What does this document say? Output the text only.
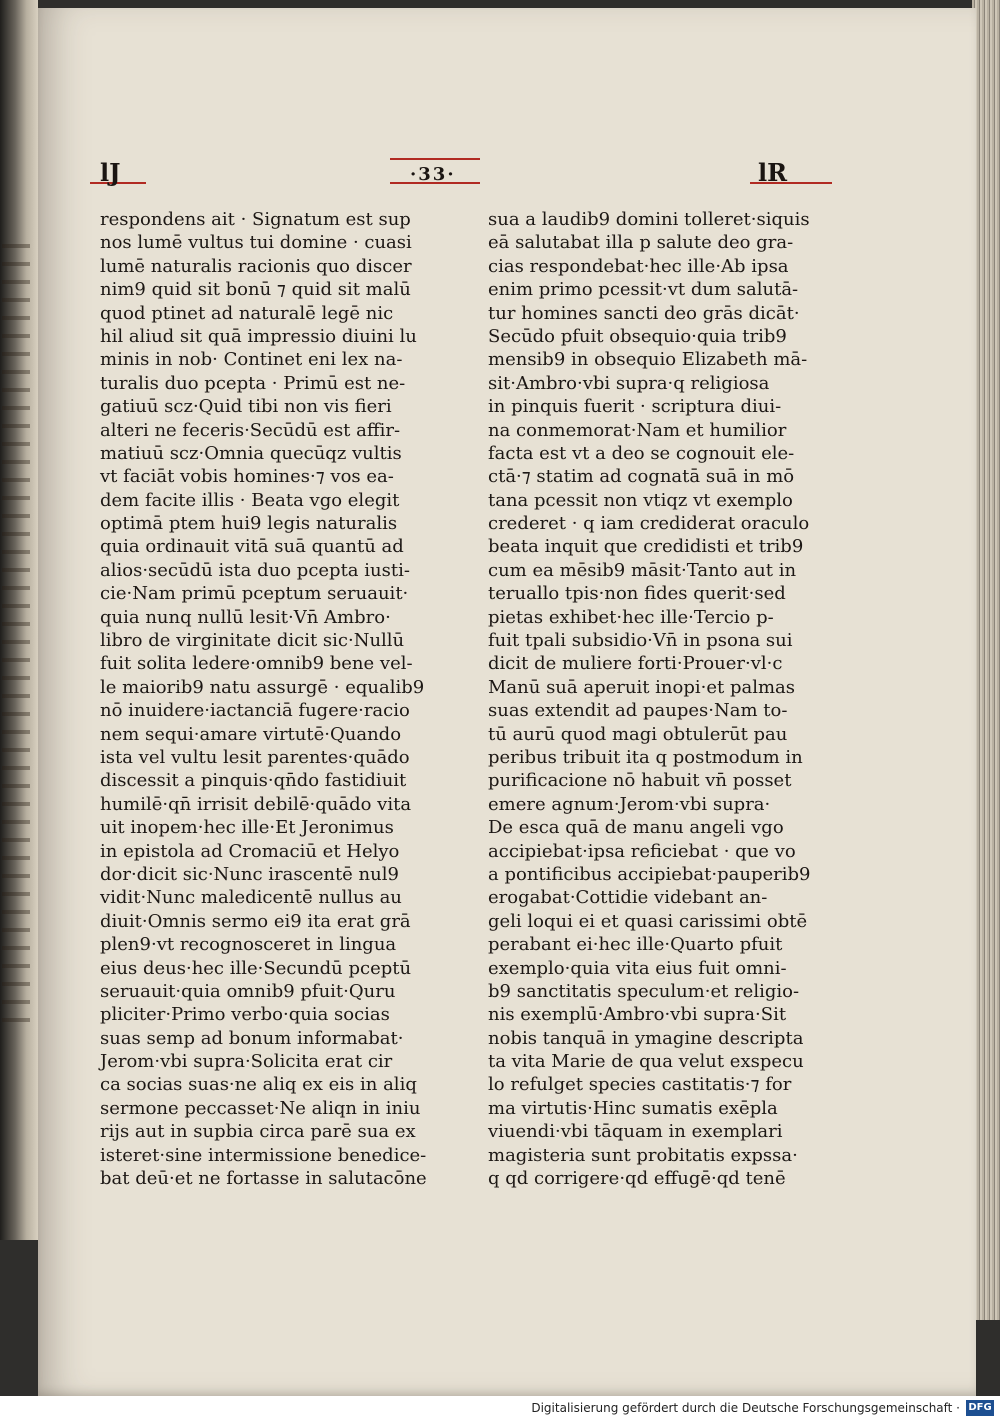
lJ	·33·	lR
respondens ait · Signatum est sup
nos lumē vultus tui domine · cuasi
lumē naturalis racionis quo discer
nim9 quid sit bonū ⁊ quid sit malū
quod ptinet ad naturalē legē nic
hil aliud sit quā impressio diuini lu
minis in nob· Continet eni lex na-
turalis duo pcepta · Primū est ne-
gatiuū scz·Quid tibi non vis fieri
alteri ne feceris·Secūdū est affir-
matiuū scz·Omnia quecūqz vultis
vt faciāt vobis homines·⁊ vos ea-
dem facite illis · Beata vgo elegit
optimā ptem hui9 legis naturalis
quia ordinauit vitā suā quantū ad
alios·secūdū ista duo pcepta iusti-
cie·Nam primū pceptum seruauit·
quia nunq nullū lesit·Vn̄ Ambro·
libro de virginitate dicit sic·Nullū
fuit solita ledere·omnib9 bene vel-
le maiorib9 natu assurgē · equalib9
nō inuidere·iactanciā fugere·racio
nem sequi·amare virtutē·Quando
ista vel vultu lesit parentes·quādo
discessit a pinquis·qn̄do fastidiuit
humilē·qn̄ irrisit debilē·quādo vita
uit inopem·hec ille·Et Jeronimus
in epistola ad Cromaciū et Helyo
dor·dicit sic·Nunc irascentē nul9
vidit·Nunc maledicentē nullus au
diuit·Omnis sermo ei9 ita erat grā
plen9·vt recognosceret in lingua
eius deus·hec ille·Secundū pceptū
seruauit·quia omnib9 pfuit·Quru
pliciter·Primo verbo·quia socias
suas semp ad bonum informabat·
Jerom·vbi supra·Solicita erat cir
ca socias suas·ne aliq ex eis in aliq
sermone peccasset·Ne aliqn in iniu
rijs aut in supbia circa parē sua ex
isteret·sine intermissione benedice-
bat deū·et ne fortasse in salutacōne
sua a laudib9 domini tolleret·siquis
eā salutabat illa p salute deo gra-
cias respondebat·hec ille·Ab ipsa
enim primo pcessit·vt dum salutā-
tur homines sancti deo grās dicāt·
Secūdo pfuit obsequio·quia trib9
mensib9 in obsequio Elizabeth mā-
sit·Ambro·vbi supra·q religiosa
in pinquis fuerit · scriptura diui-
na conmemorat·Nam et humilior
facta est vt a deo se cognouit ele-
ctā·⁊ statim ad cognatā suā in mō
tana pcessit non vtiqz vt exemplo
crederet · q iam crediderat oraculo
beata inquit que credidisti et trib9
cum ea mēsib9 māsit·Tanto aut in
teruallo tpis·non fides querit·sed
pietas exhibet·hec ille·Tercio p-
fuit tpali subsidio·Vn̄ in psona sui
dicit de muliere forti·Prouer·vl·c
Manū suā aperuit inopi·et palmas
suas extendit ad paupes·Nam to-
tū aurū quod magi obtulerūt pau
peribus tribuit ita q postmodum in
purificacione nō habuit vn̄ posset
emere agnum·Jerom·vbi supra·
De esca quā de manu angeli vgo
accipiebat·ipsa reficiebat · que vo
a pontificibus accipiebat·pauperib9
erogabat·Cottidie videbant an-
geli loqui ei et quasi carissimi obtē
perabant ei·hec ille·Quarto pfuit
exemplo·quia vita eius fuit omni-
b9 sanctitatis speculum·et religio-
nis exemplū·Ambro·vbi supra·Sit
nobis tanquā in ymagine descripta
ta vita Marie de qua velut exspecu
lo refulget species castitatis·⁊ for
ma virtutis·Hinc sumatis exēpla
viuendi·vbi tāquam in exemplari
magisteria sunt probitatis expssa·
q qd corrigere·qd effugē·qd tenē
Digitalisierung gefördert durch die Deutsche Forschungsgemeinschaft · DFG
